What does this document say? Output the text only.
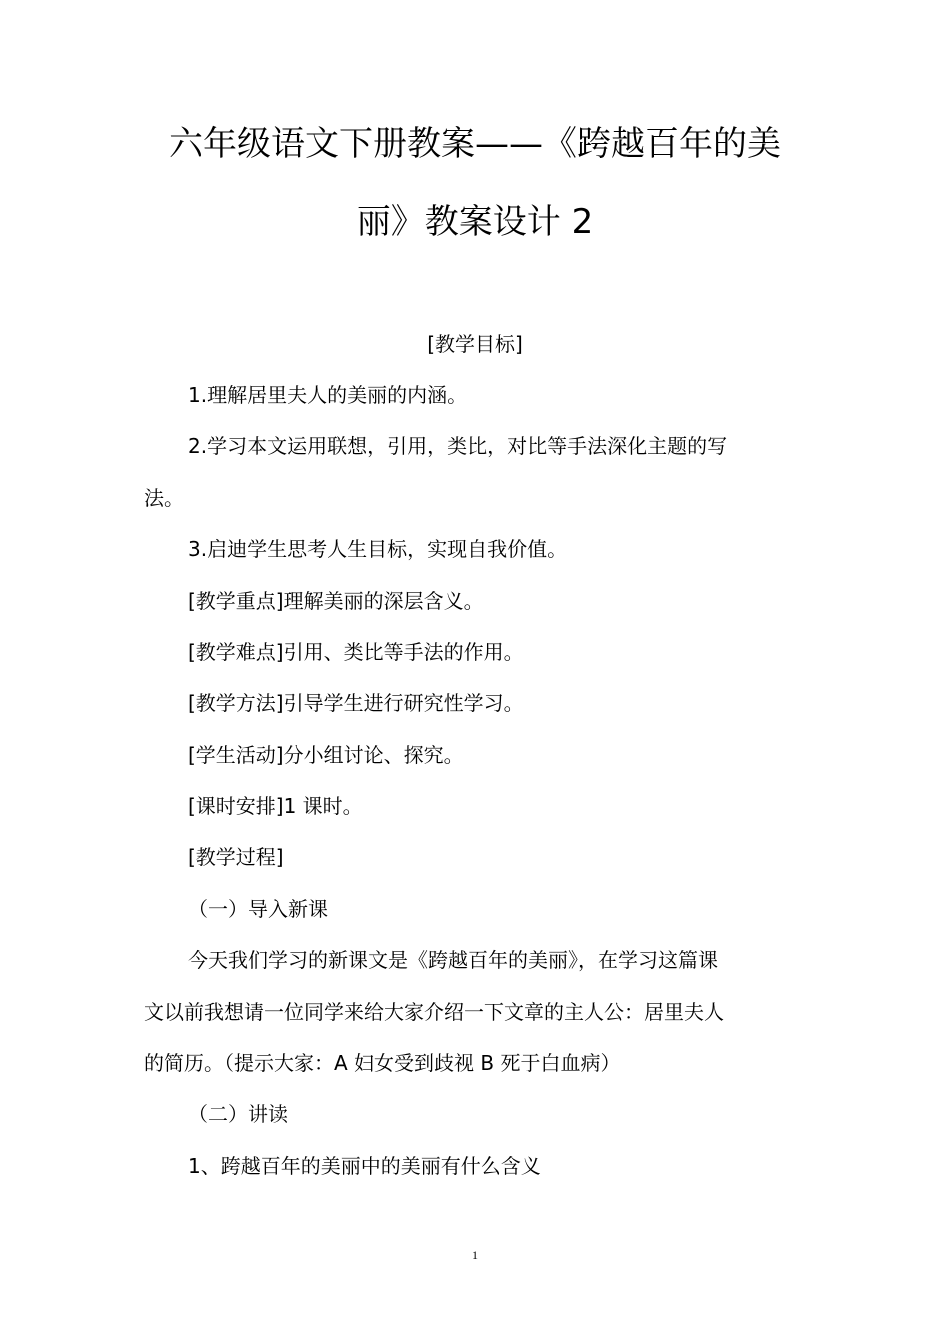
六年级语文下册教案——《跨越百年的美
丽》教案设计 2
[教学目标]
1.理解居里夫人的美丽的内涵。
2.学习本文运用联想，引用，类比，对比等手法深化主题的写
法。
3.启迪学生思考人生目标，实现自我价值。
[教学重点]理解美丽的深层含义。
[教学难点]引用、类比等手法的作用。
[教学方法]引导学生进行研究性学习。
[学生活动]分小组讨论、探究。
[课时安排]1 课时。
[教学过程]
（一）导入新课
今天我们学习的新课文是《跨越百年的美丽》，在学习这篇课
文以前我想请一位同学来给大家介绍一下文章的主人公：居里夫人
的简历。（提示大家：A 妇女受到歧视 B 死于白血病）
（二）讲读
1、跨越百年的美丽中的美丽有什么含义
1
